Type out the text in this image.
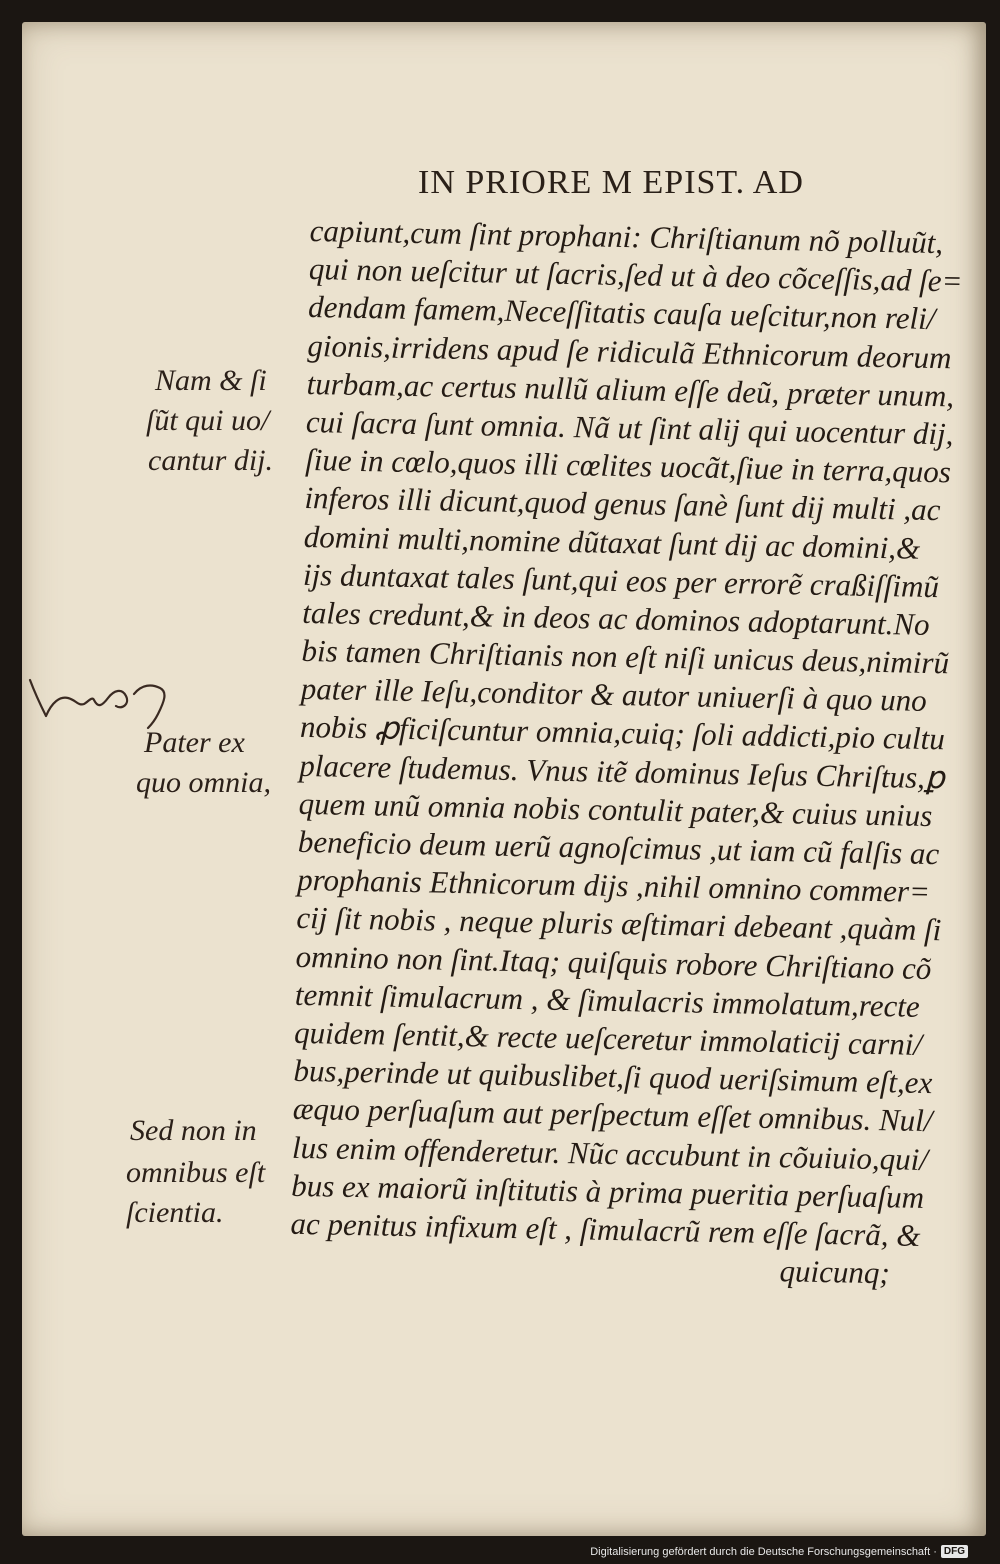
IN PRIORE M EPIST. AD
capiunt,cum ſint prophani: Chriſtianum nõ polluũt,
qui non ueſcitur ut ſacris,ſed ut à deo cõceſſis,ad ſe=
dendam famem,Neceſſitatis cauſa ueſcitur,non reli/
gionis,irridens apud ſe ridiculã Ethnicorum deorum
turbam,ac certus nullũ alium eſſe deũ, præter unum,
cui ſacra ſunt omnia. Nã ut ſint alij qui uocentur dij,
ſiue in cœlo,quos illi cœlites uocãt,ſiue in terra,quos
inferos illi dicunt,quod genus ſanè ſunt dij multi ,ac
domini multi,nomine dũtaxat ſunt dij ac domini,&
ijs duntaxat tales ſunt,qui eos per errorẽ craßiſſimũ
tales credunt,& in deos ac dominos adoptarunt.No
bis tamen Chriſtianis non eſt niſi unicus deus,nimirũ
pater ille Ieſu,conditor & autor uniuerſi à quo uno
nobis ꝓficiſcuntur omnia,cuiq; ſoli addicti,pio cultu
placere ſtudemus. Vnus itẽ dominus Ieſus Chriſtus,ꝑ
quem unũ omnia nobis contulit pater,& cuius unius
beneficio deum uerũ agnoſcimus ,ut iam cũ falſis ac
prophanis Ethnicorum dijs ,nihil omnino commer=
cij ſit nobis , neque pluris æſtimari debeant ,quàm ſi
omnino non ſint.Itaq; quiſquis robore Chriſtiano cõ
temnit ſimulacrum , & ſimulacris immolatum,recte
quidem ſentit,& recte ueſceretur immolaticij carni/
bus,perinde ut quibuslibet,ſi quod ueriſsimum eſt,ex
æquo perſuaſum aut perſpectum eſſet omnibus. Nul/
lus enim offenderetur. Nũc accubunt in cõuiuio,qui/
bus ex maiorũ inſtitutis à prima pueritia perſuaſum
ac penitus infixum eſt , ſimulacrũ rem eſſe ſacrã, &
quicunq;
Nam & ſi
ſũt qui uo/
cantur dij.
Pater ex
quo omnia,
Sed non in
omnibus eſt
ſcientia.
Digitalisierung gefördert durch die Deutsche Forschungsgemeinschaft · DFG
